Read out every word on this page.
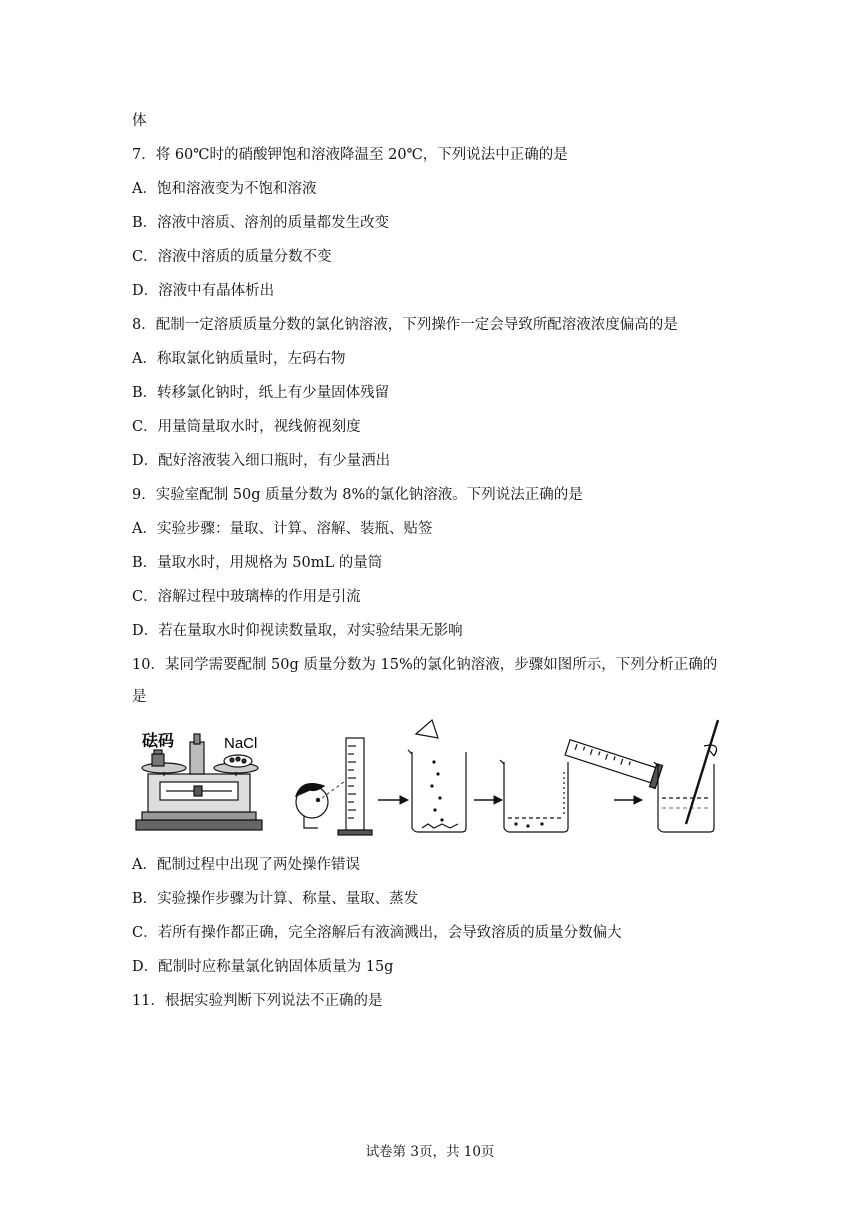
体
7．将 60℃时的硝酸钾饱和溶液降温至 20℃，下列说法中正确的是
A．饱和溶液变为不饱和溶液
B．溶液中溶质、溶剂的质量都发生改变
C．溶液中溶质的质量分数不变
D．溶液中有晶体析出
8．配制一定溶质质量分数的氯化钠溶液，下列操作一定会导致所配溶液浓度偏高的是
A．称取氯化钠质量时，左码右物
B．转移氯化钠时，纸上有少量固体残留
C．用量筒量取水时，视线俯视刻度
D．配好溶液装入细口瓶时，有少量洒出
9．实验室配制 50g 质量分数为 8%的氯化钠溶液。下列说法正确的是
A．实验步骤：量取、计算、溶解、装瓶、贴签
B．量取水时，用规格为 50mL 的量筒
C．溶解过程中玻璃棒的作用是引流
D．若在量取水时仰视读数量取，对实验结果无影响
10．某同学需要配制 50g 质量分数为 15%的氯化钠溶液，步骤如图所示，下列分析正确的
是
砝码	NaCl
A．配制过程中出现了两处操作错误
B．实验操作步骤为计算、称量、量取、蒸发
C．若所有操作都正确，完全溶解后有液滴溅出，会导致溶质的质量分数偏大
D．配制时应称量氯化钠固体质量为 15g
11．根据实验判断下列说法不正确的是
试卷第 3页，共 10页
